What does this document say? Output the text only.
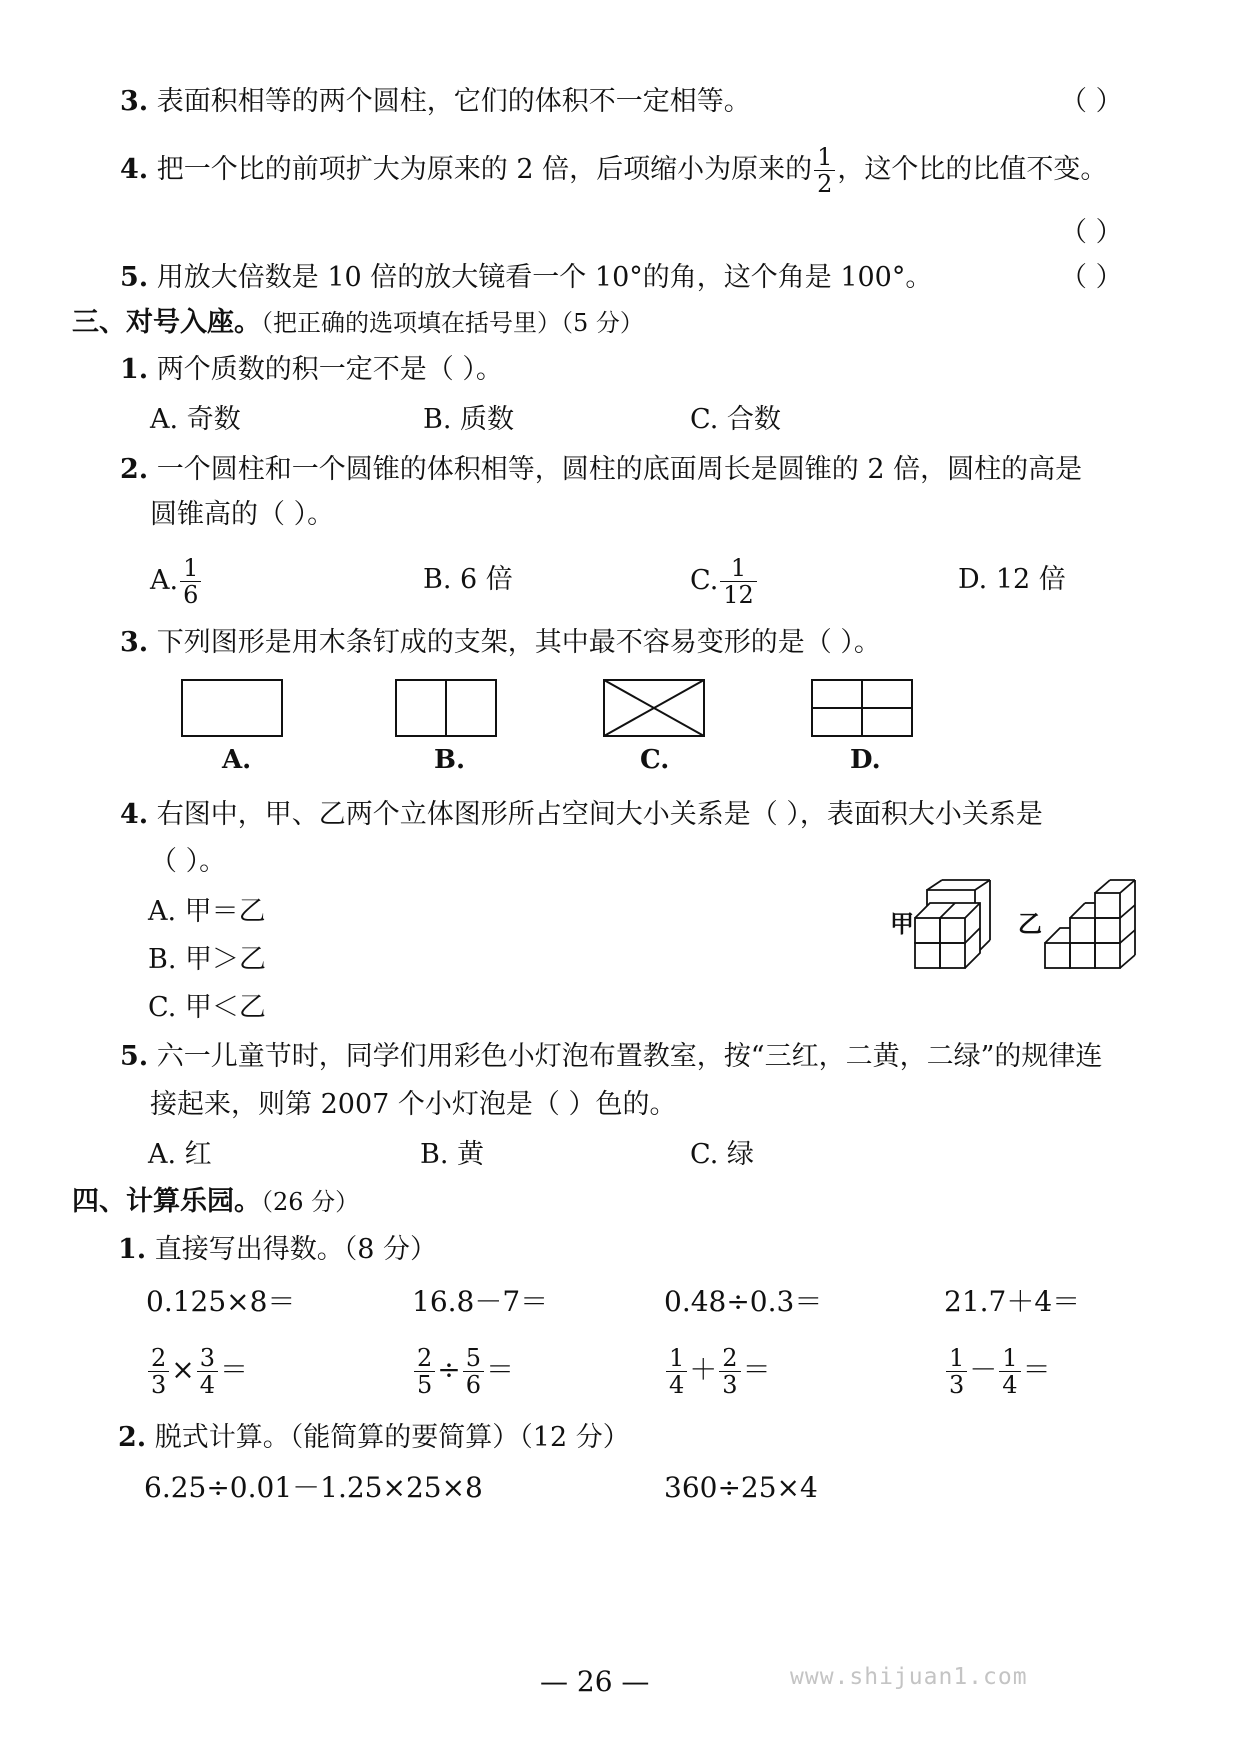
3. 表面积相等的两个圆柱，它们的体积不一定相等。	（ ）
4. 把一个比的前项扩大为原来的 2 倍，后项缩小为原来的 $\frac{1}{2}$ ，这个比的比值不变。
（ ）
5. 用放大倍数是 10 倍的放大镜看一个 10°的角，这个角是 100°。	（ ）
三、对号入座。（把正确的选项填在括号里）（5 分）
1. 两个质数的积一定不是（ ）。
A. 奇数	B. 质数	C. 合数
2. 一个圆柱和一个圆锥的体积相等，圆柱的底面周长是圆锥的 2 倍，圆柱的高是
圆锥高的（ ）。
A. $\frac{1}{6}$	B. 6 倍	C. $\frac{1}{12}$	D. 12 倍
3. 下列图形是用木条钉成的支架，其中最不容易变形的是（ ）。
A.	B.	C.	D.
4. 右图中，甲、乙两个立体图形所占空间大小关系是（ ），表面积大小关系是
（ ）。
A. 甲＝乙
B. 甲＞乙
C. 甲＜乙
甲	乙
5. 六一儿童节时，同学们用彩色小灯泡布置教室，按“三红，二黄，二绿”的规律连
接起来，则第 2007 个小灯泡是（ ）色的。
A. 红	B. 黄	C. 绿
四、计算乐园。（26 分）
1. 直接写出得数。（8 分）
0.125×8＝	16.8－7＝	0.48÷0.3＝	21.7＋4＝
$\frac{2}{3} \times \frac{3}{4}$ ＝	$\frac{2}{5} \div \frac{5}{6}$ ＝	$\frac{1}{4} + \frac{2}{3}$ ＝	$\frac{1}{3} - \frac{1}{4}$ ＝
2. 脱式计算。（能简算的要简算）（12 分）
6.25÷0.01－1.25×25×8	360÷25×4
— 26 —	www.shijuan1.com
